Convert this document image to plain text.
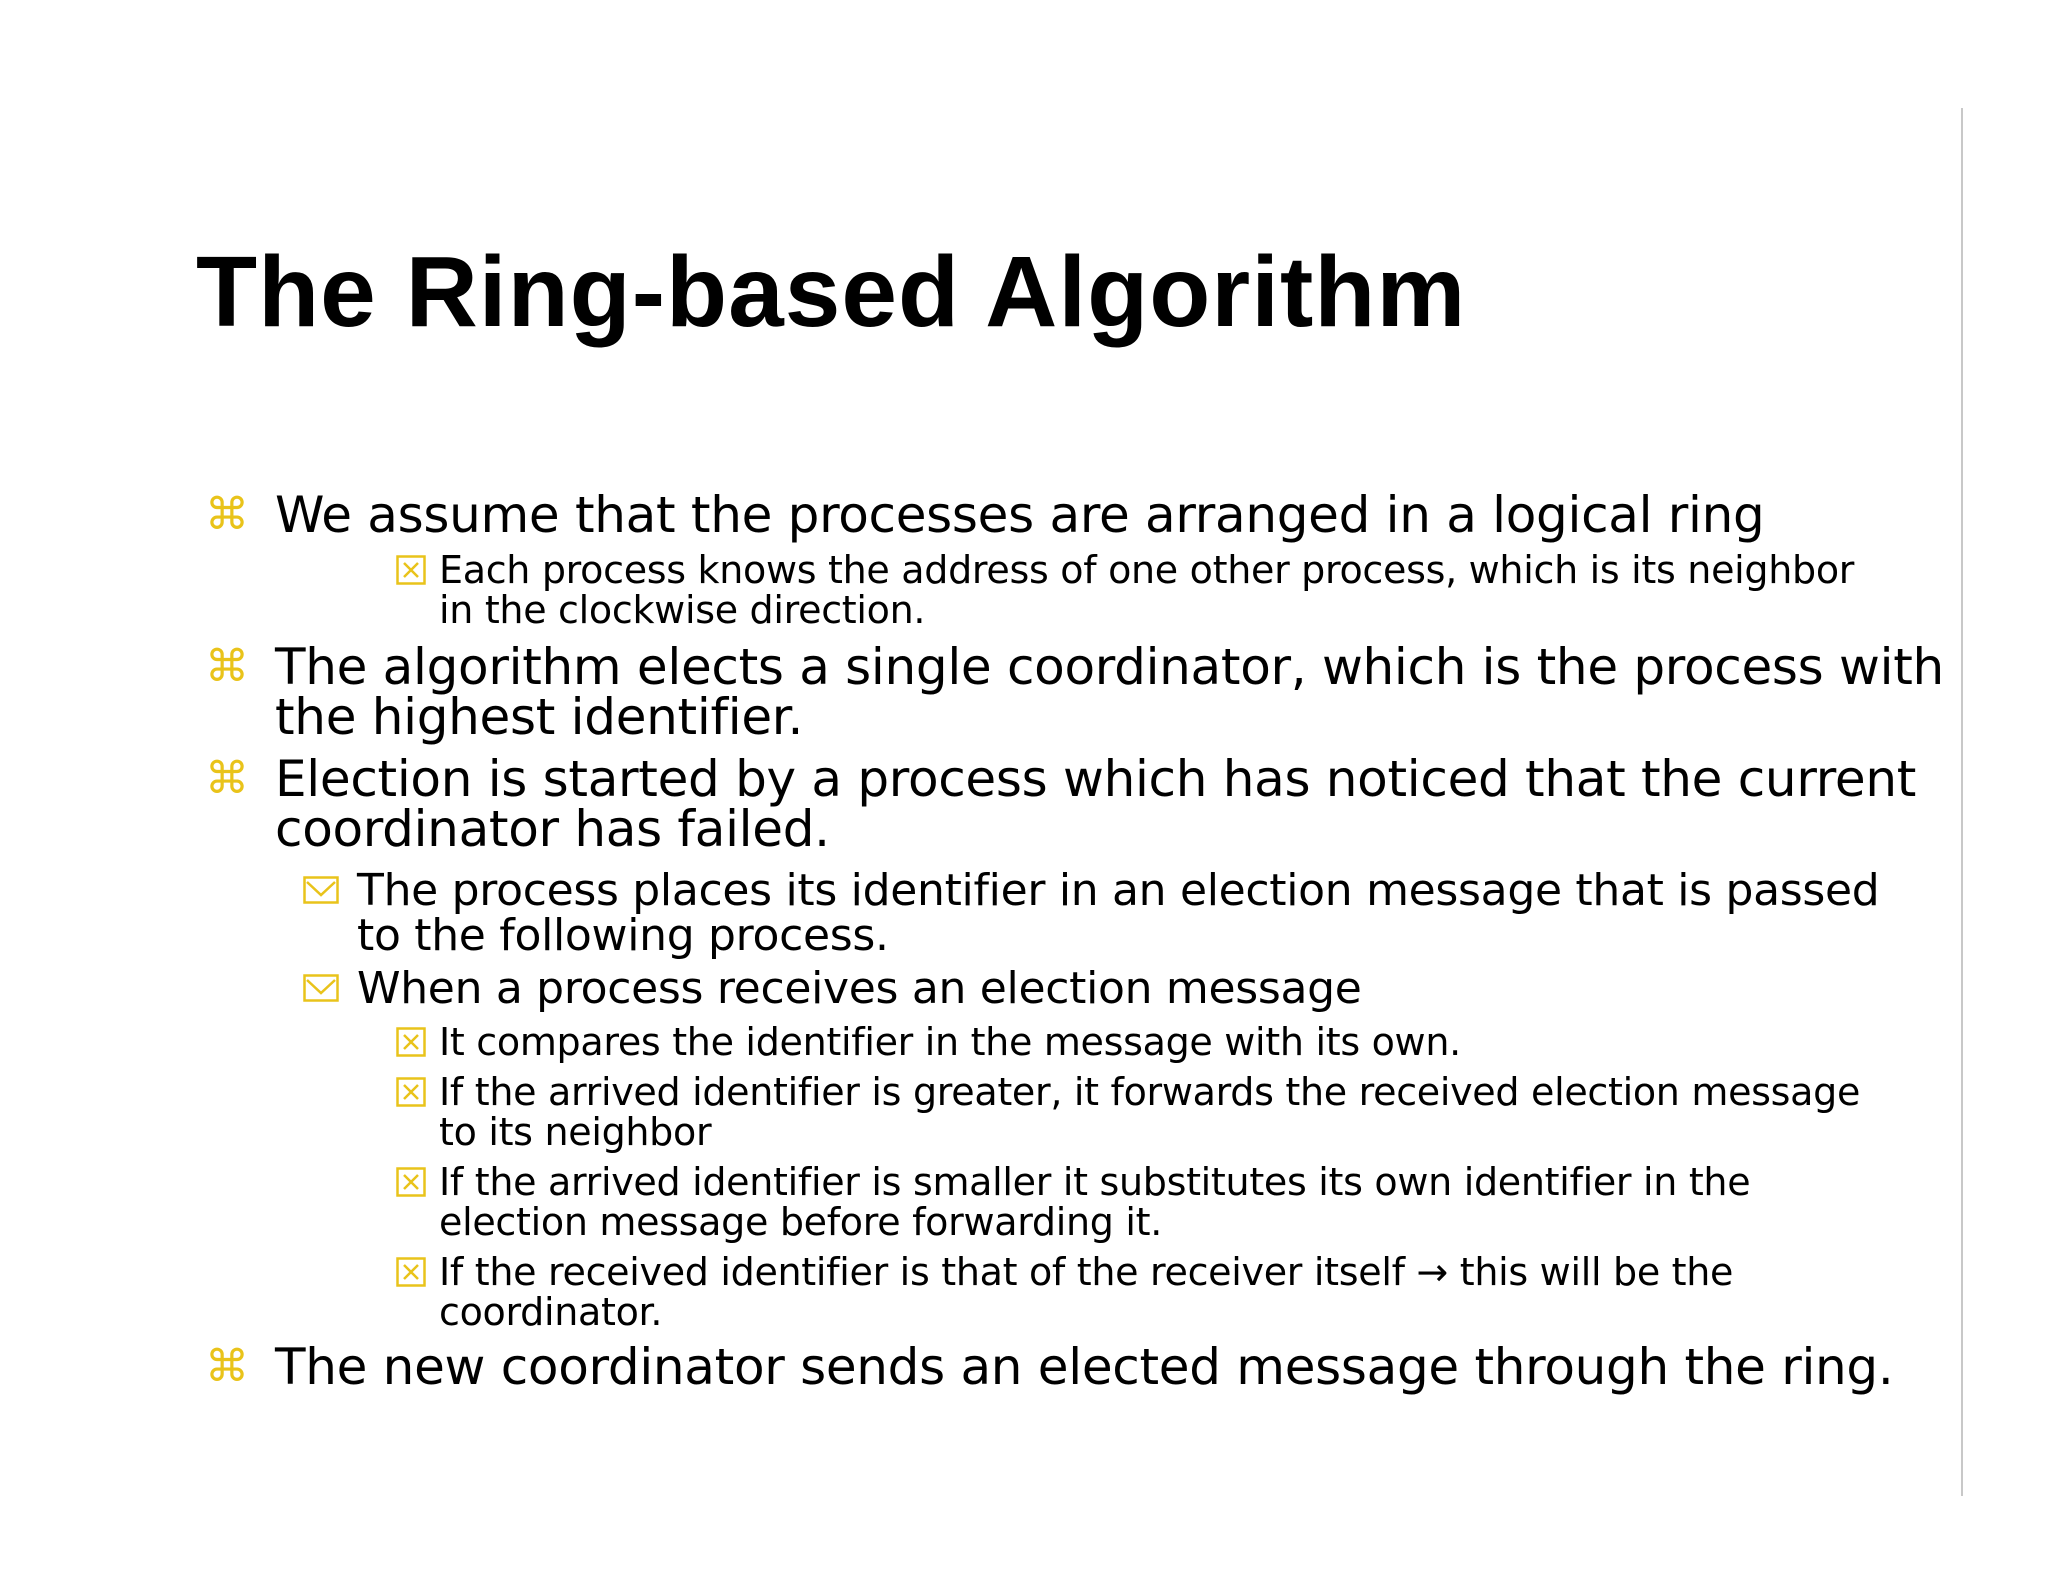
The Ring-based Algorithm
⌘ We assume that the processes are arranged in a logical ring
Each process knows the address of one other process, which is its neighbor
in the clockwise direction.
⌘ The algorithm elects a single coordinator, which is the process with
the highest identifier.
⌘ Election is started by a process which has noticed that the current
coordinator has failed.
The process places its identifier in an election message that is passed
to the following process.
When a process receives an election message
It compares the identifier in the message with its own.
If the arrived identifier is greater, it forwards the received election message
to its neighbor
If the arrived identifier is smaller it substitutes its own identifier in the
election message before forwarding it.
If the received identifier is that of the receiver itself → this will be the
coordinator.
⌘ The new coordinator sends an elected message through the ring.
